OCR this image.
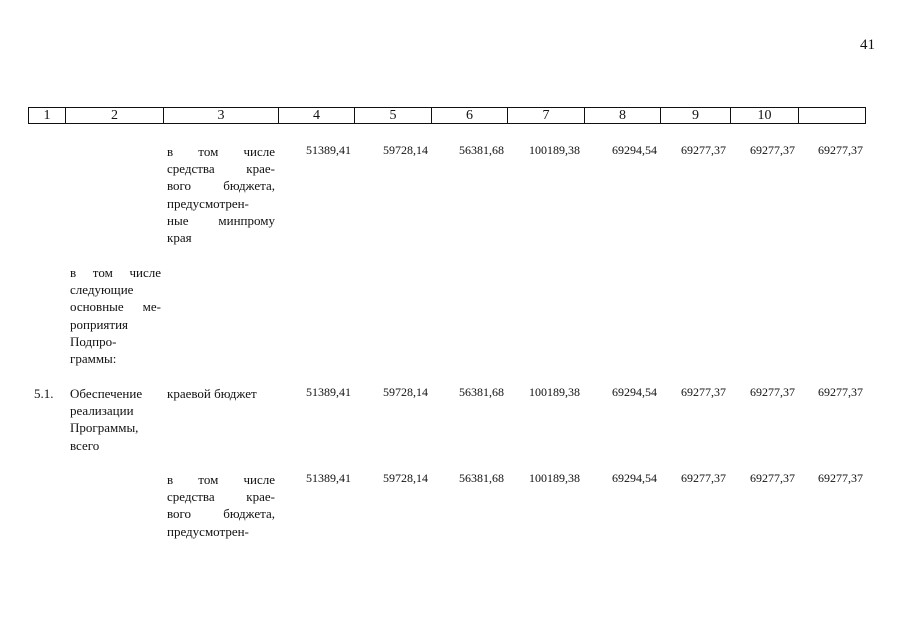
41
1	2	3	4	5	6	7	8	9	10
в том числе
средства крае-
вого бюджета,
предусмотрен-
ные минпрому
края
51389,41	59728,14	56381,68 100189,38	69294,54 69277,37 69277,37 69277,37
в том числе
следующие
основные ме-
роприятия
Подпро-
граммы:
5.1.	Обеспечение
реализации
Программы,
всего
краевой бюджет	51389,41	59728,14	56381,68 100189,38	69294,54 69277,37 69277,37 69277,37
в том числе
средства крае-
вого бюджета,
предусмотрен-
51389,41	59728,14	56381,68 100189,38	69294,54 69277,37 69277,37 69277,37
